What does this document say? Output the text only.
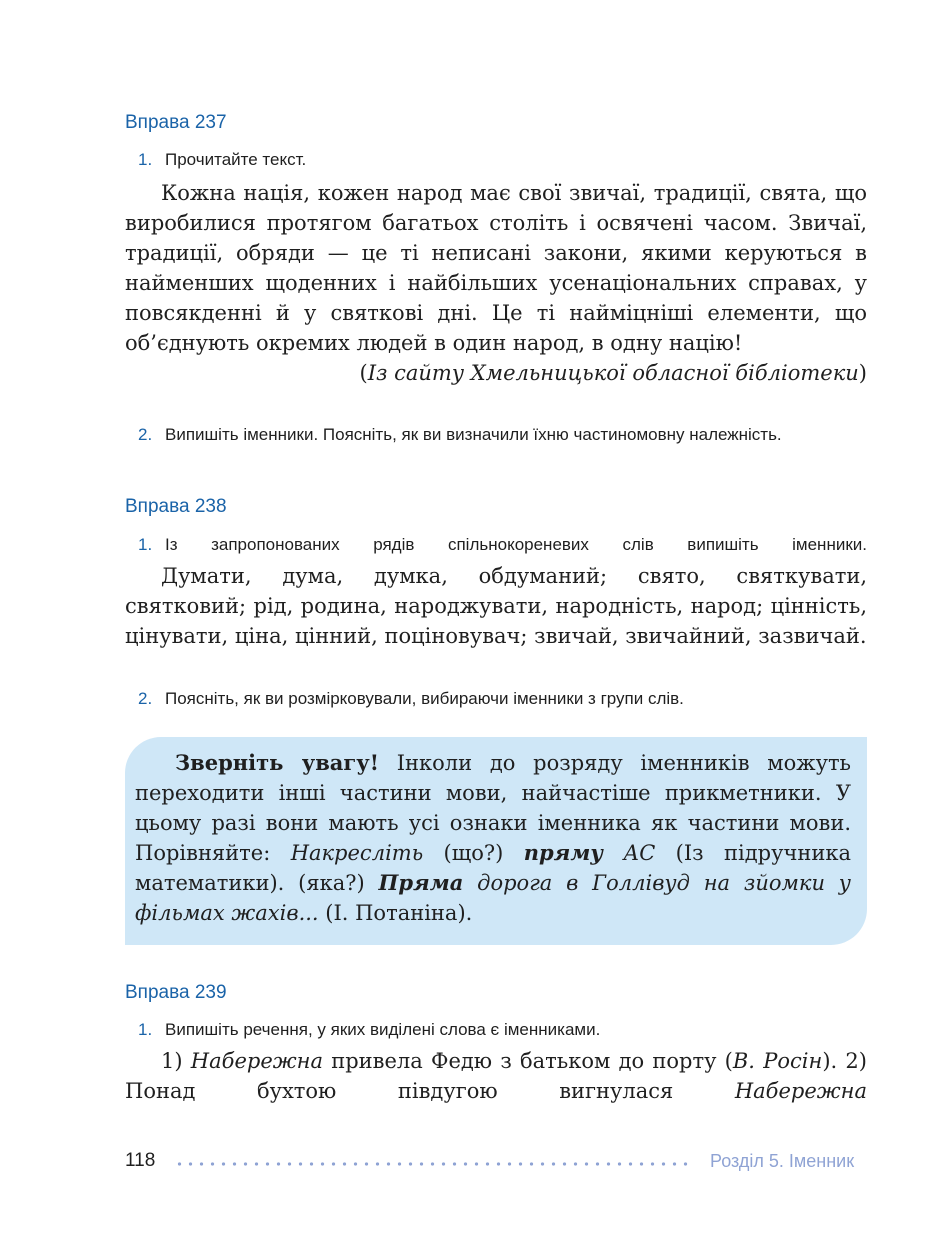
Вправа 237
1. Прочитайте текст.

Кожна нація, кожен народ має свої звичаї, традиції, свята, що виробилися протягом багатьох століть і освячені часом. Звичаї, традиції, обряди — це ті неписані закони, якими керуються в найменших щоденних і найбільших усенаціональних справах, у повсякденні й у святкові дні. Це ті найміцніші елементи, що об’єднують окремих людей в один народ, в одну націю!

(Із сайту Хмельницької обласної бібліотеки)
2. Випишіть іменники. Поясніть, як ви визначили їхню частиномовну належність.
Вправа 238
1. Із запропонованих рядів спільнокореневих слів випишіть іменники.

Думати, дума, думка, обдуманий; свято, святкувати, святковий; рід, родина, народжувати, народність, народ; цінність, цінувати, ціна, цінний, поціновувач; звичай, звичайний, зазвичай.

2. Поясніть, як ви розмірковували, вибираючи іменники з групи слів.

Зверніть увагу! Інколи до розряду іменників можуть переходити інші частини мови, найчастіше прикметники. У цьому разі вони мають усі ознаки іменника як частини мови. Порівняйте: Накресліть (що?) пряму АС (Із підручника математики). (яка?) Пряма дорога в Голлівуд на зйомки у фільмах жахів... (І. Потаніна).

Вправа 239
1. Випишіть речення, у яких виділені слова є іменниками.

1) Набережна привела Федю з батьком до порту (В. Росін). 2) Понад бухтою півдугою вигнулася Набережна

118	Розділ 5. Іменник
